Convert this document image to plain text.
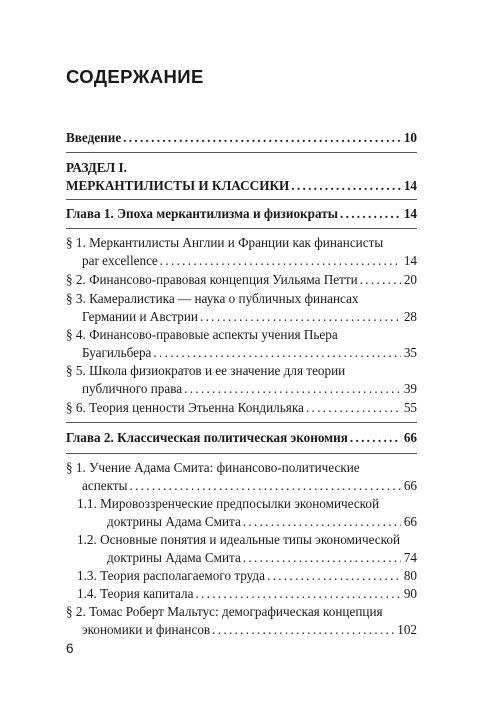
СОДЕРЖАНИЕ
Введение . . .	10
РАЗДЕЛ I.
МЕРКАНТИЛИСТЫ И КЛАССИКИ . . .	14
Глава 1. Эпоха меркантилизма и физиократы . . .	14
§ 1. Меркантилисты Англии и Франции как финансисты
par excellence . . .	14
§ 2. Финансово-правовая концепция Уильяма Петти . . .	20
§ 3. Камералистика — наука о публичных финансах
Германии и Австрии . . .	28
§ 4. Финансово-правовые аспекты учения Пьера
Буагильбера . . .	35
§ 5. Школа физиократов и ее значение для теории
публичного права . . .	39
§ 6. Теория ценности Этьенна Кондильяка . . .	55
Глава 2. Классическая политическая экономия . . .	66
§ 1. Учение Адама Смита: финансово-политические
аспекты . . .	66
1.1. Мировоззренческие предпосылки экономической
доктрины Адама Смита . . .	66
1.2. Основные понятия и идеальные типы экономической
доктрины Адама Смита . . .	74
1.3. Теория располагаемого труда . . .	80
1.4. Теория капитала . . .	90
§ 2. Томас Роберт Мальтус: демографическая концепция
экономики и финансов . . .	102
6
